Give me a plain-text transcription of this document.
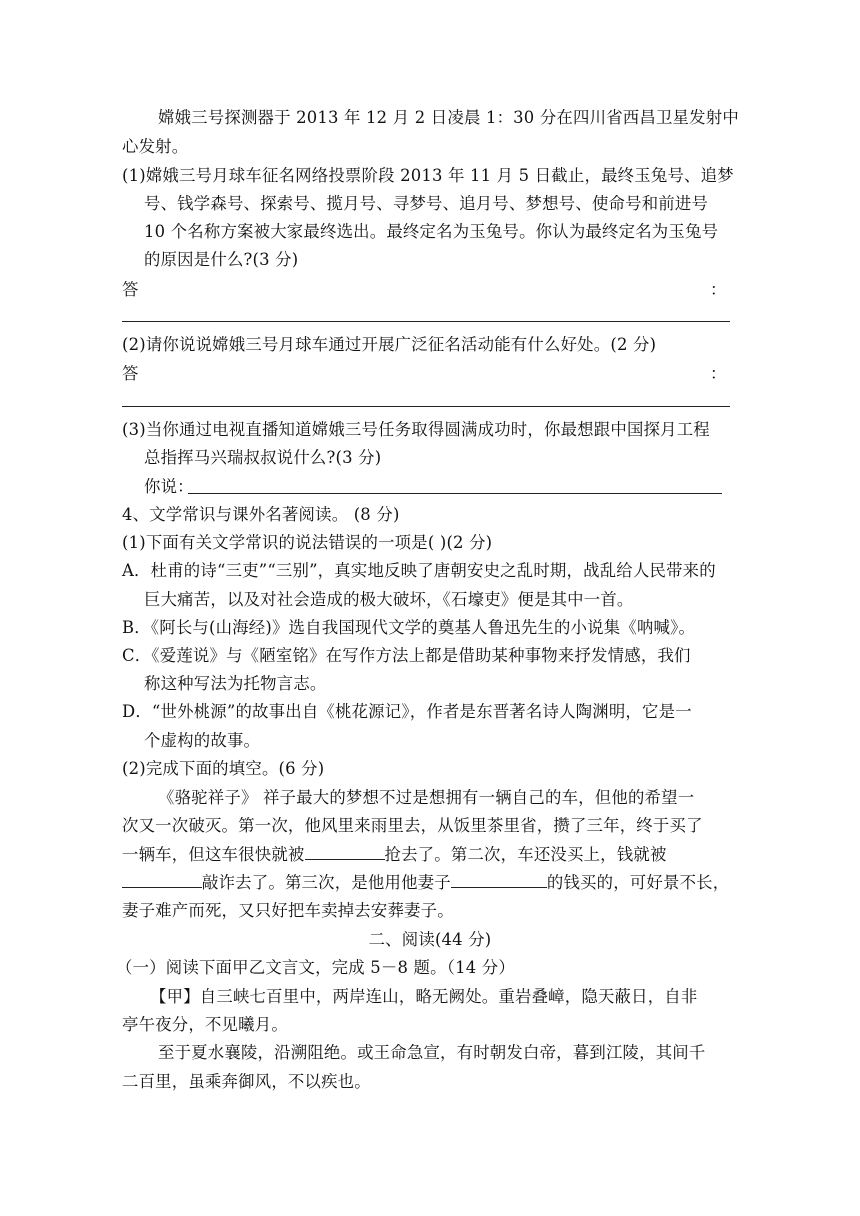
嫦娥三号探测器于 2013 年 12 月 2 日凌晨 1：30 分在四川省西昌卫星发射中
心发射。
(1)嫦娥三号月球车征名网络投票阶段 2013 年 11 月 5 日截止，最终玉兔号、追梦
号、钱学森号、探索号、揽月号、寻梦号、追月号、梦想号、使命号和前进号
10 个名称方案被大家最终选出。最终定名为玉兔号。你认为最终定名为玉兔号
的原因是什么?(3 分)
答	：
(2)请你说说嫦娥三号月球车通过开展广泛征名活动能有什么好处。(2 分)
答	：
(3)当你通过电视直播知道嫦娥三号任务取得圆满成功时，你最想跟中国探月工程
总指挥马兴瑞叔叔说什么?(3 分)
你说：
4、文学常识与课外名著阅读。 (8 分)
(1)下面有关文学常识的说法错误的一项是( )(2 分)
A．杜甫的诗“三吏”“三别”，真实地反映了唐朝安史之乱时期，战乱给人民带来的
巨大痛苦，以及对社会造成的极大破坏，《石壕吏》便是其中一首。
B．《阿长与(山海经)》选自我国现代文学的奠基人鲁迅先生的小说集《呐喊》。
C．《爱莲说》与《陋室铭》在写作方法上都是借助某种事物来抒发情感，我们
称这种写法为托物言志。
D．“世外桃源”的故事出自《桃花源记》，作者是东晋著名诗人陶渊明，它是一
个虚构的故事。
(2)完成下面的填空。(6 分)
《骆驼祥子》 祥子最大的梦想不过是想拥有一辆自己的车，但他的希望一
次又一次破灭。第一次，他风里来雨里去，从饭里茶里省，攒了三年，终于买了
一辆车，但这车很快就被	抢去了。第二次，车还没买上，钱就被
敲诈去了。第三次，是他用他妻子	的钱买的，可好景不长，
妻子难产而死，又只好把车卖掉去安葬妻子。
二、阅读(44 分)
（一）阅读下面甲乙文言文，完成 5－8 题。（14 分）
【甲】自三峡七百里中，两岸连山，略无阙处。重岩叠嶂，隐天蔽日，自非
亭午夜分，不见曦月。
至于夏水襄陵，沿溯阻绝。或王命急宣，有时朝发白帝，暮到江陵，其间千
二百里，虽乘奔御风，不以疾也。
